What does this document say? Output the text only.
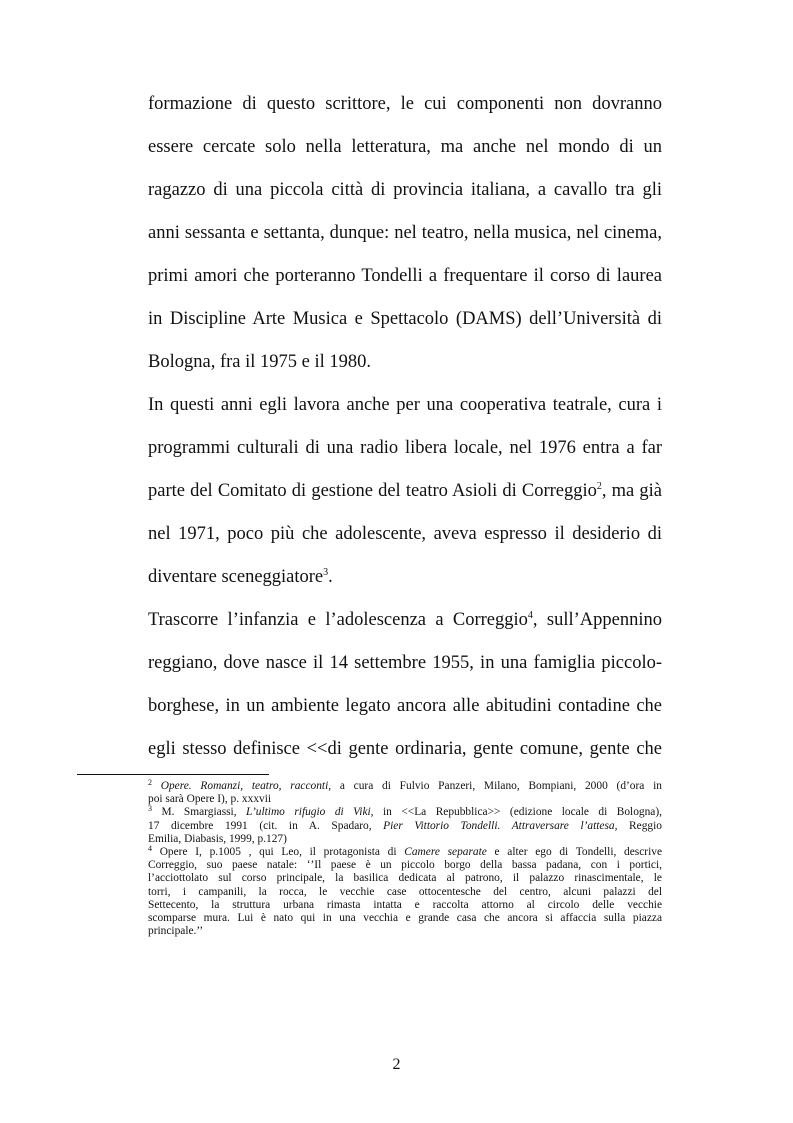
formazione di questo scrittore, le cui componenti non dovranno
essere cercate solo nella letteratura, ma anche nel mondo di un
ragazzo di una piccola città di provincia italiana, a cavallo tra gli
anni sessanta e settanta, dunque: nel teatro, nella musica, nel cinema,
primi amori che porteranno Tondelli a frequentare il corso di laurea
in Discipline Arte Musica e Spettacolo (DAMS) dell’Università di
Bologna, fra il 1975 e il 1980.
In questi anni egli lavora anche per una cooperativa teatrale, cura i
programmi culturali di una radio libera locale, nel 1976 entra a far
parte del Comitato di gestione del teatro Asioli di Correggio$^2$, ma già
nel 1971, poco più che adolescente, aveva espresso il desiderio di
diventare sceneggiatore$^3$.
Trascorre l’infanzia e l’adolescenza a Correggio$^4$, sull’Appennino
reggiano, dove nasce il 14 settembre 1955, in una famiglia piccolo-
borghese, in un ambiente legato ancora alle abitudini contadine che
egli stesso definisce <<di gente ordinaria, gente comune, gente che
$^2$ Opere. Romanzi, teatro, racconti, a cura di Fulvio Panzeri, Milano, Bompiani, 2000 (d’ora in
poi sarà Opere I), p. xxxvii
$^3$ M. Smargiassi, L’ultimo rifugio di Viki, in <<La Repubblica>> (edizione locale di Bologna),
17 dicembre 1991 (cit. in A. Spadaro, Pier Vittorio Tondelli. Attraversare l’attesa, Reggio
Emilia, Diabasis, 1999, p.127)
$^4$ Opere I, p.1005 , qui Leo, il protagonista di Camere separate e alter ego di Tondelli, descrive
Correggio, suo paese natale: ‘’Il paese è un piccolo borgo della bassa padana, con i portici,
l’acciottolato sul corso principale, la basilica dedicata al patrono, il palazzo rinascimentale, le
torri, i campanili, la rocca, le vecchie case ottocentesche del centro, alcuni palazzi del
Settecento, la struttura urbana rimasta intatta e raccolta attorno al circolo delle vecchie
scomparse mura. Lui è nato qui in una vecchia e grande casa che ancora si affaccia sulla piazza
principale.’’
2
